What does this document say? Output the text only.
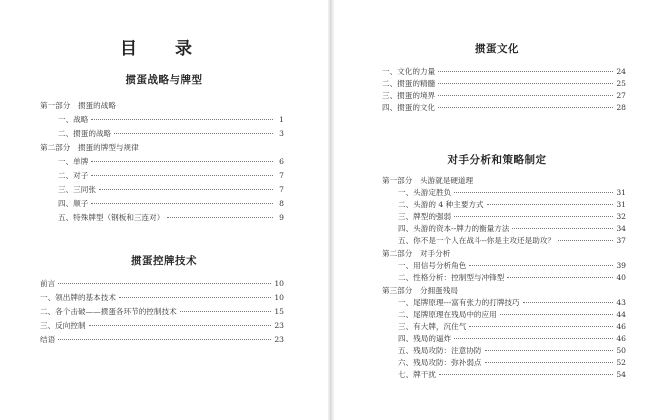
目 录
掼蛋战略与牌型
第一部分　掼蛋的战略
一、战略	1
二、掼蛋的战略	3
第二部分　掼蛋的牌型与规律
一、单牌	6
二、对子	7
三、三同张	7
四、顺子	8
五、特殊牌型（钢板和三连对）	9
掼蛋控牌技术
前言	10
一、领出牌的基本技术	10
二、各个击破——掼蛋各环节的控制技术	15
三、反向控制	23
结语	23
掼蛋文化
一、文化的力量	24
二、掼蛋的精髓	25
三、掼蛋的境界	27
四、掼蛋的文化	28
对手分析和策略制定
第一部分　头游就是硬道理
一、头游定胜负	31
二、头游的 4 种主要方式	31
三、牌型的强弱	32
四、头游的资本--牌力的衡量方法	34
五、你不是一个人在战斗--你是主攻还是助攻？	37
第二部分　对手分析
一、用信号分析角色	39
二、性格分析：控制型与冲锋型	40
第三部分　分拥蛋残局
一、尾牌原理---富有张力的打牌技巧	43
二、尾牌原理在残局中的应用	44
三、有大牌，沉住气	46
四、残局的逼炸	46
五、残局攻防：注意协防	50
六、残局攻防：弥补弱点	52
七、牌干扰	54
